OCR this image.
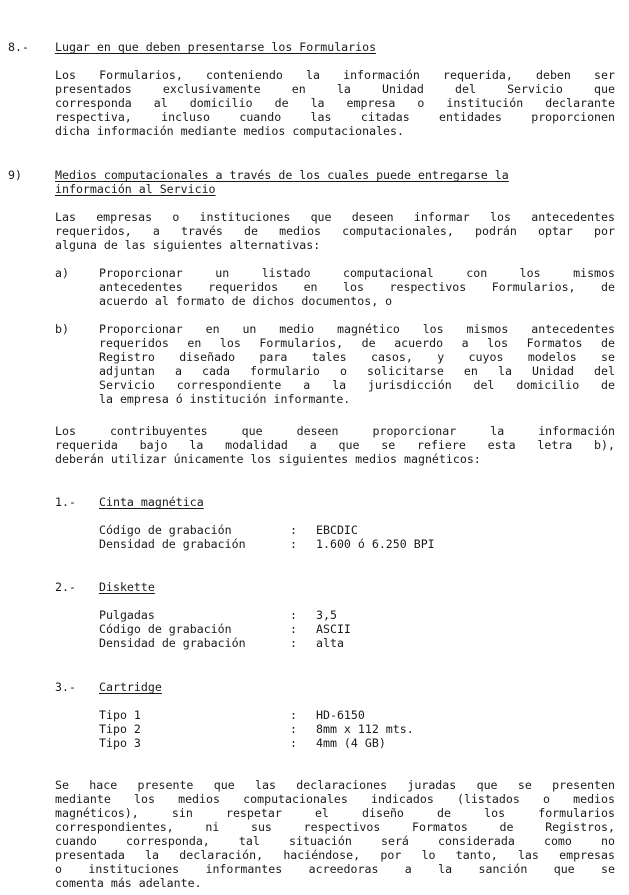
8.- Lugar en que deben presentarse los Formularios
Los Formularios, conteniendo la información requerida, deben ser
presentados exclusivamente en la Unidad del Servicio que
corresponda al domicilio de la empresa o institución declarante
respectiva, incluso cuando las citadas entidades proporcionen
dicha información mediante medios computacionales.
9)	Medios computacionales a través de los cuales puede entregarse la
información al Servicio
Las empresas o instituciones que deseen informar los antecedentes
requeridos, a través de medios computacionales, podrán optar por
alguna de las siguientes alternativas:
a)	Proporcionar un listado computacional con los mismos
antecedentes requeridos en los respectivos Formularios, de
acuerdo al formato de dichos documentos, o
b)	Proporcionar en un medio magnético los mismos antecedentes
requeridos en los Formularios, de acuerdo a los Formatos de
Registro diseñado para tales casos, y cuyos modelos se
adjuntan a cada formulario o solicitarse en la Unidad del
Servicio correspondiente a la jurisdicción del domicilio de
la empresa ó institución informante.
Los contribuyentes que deseen proporcionar la información
requerida bajo la modalidad a que se refiere esta letra b),
deberán utilizar únicamente los siguientes medios magnéticos:
1.- Cinta magnética
Código de grabación	: EBCDIC
Densidad de grabación	: 1.600 ó 6.250 BPI
2.- Diskette
Pulgadas	: 3,5
Código de grabación	: ASCII
Densidad de grabación	: alta
3.- Cartridge
Tipo 1	: HD-6150
Tipo 2	: 8mm x 112 mts.
Tipo 3	: 4mm (4 GB)
Se hace presente que las declaraciones juradas que se presenten
mediante los medios computacionales indicados (listados o medios
magnéticos), sin respetar el diseño de los formularios
correspondientes, ni sus respectivos Formatos de Registros,
cuando corresponda, tal situación será considerada como no
presentada la declaración, haciéndose, por lo tanto, las empresas
o instituciones informantes acreedoras a la sanción que se
comenta más adelante.
